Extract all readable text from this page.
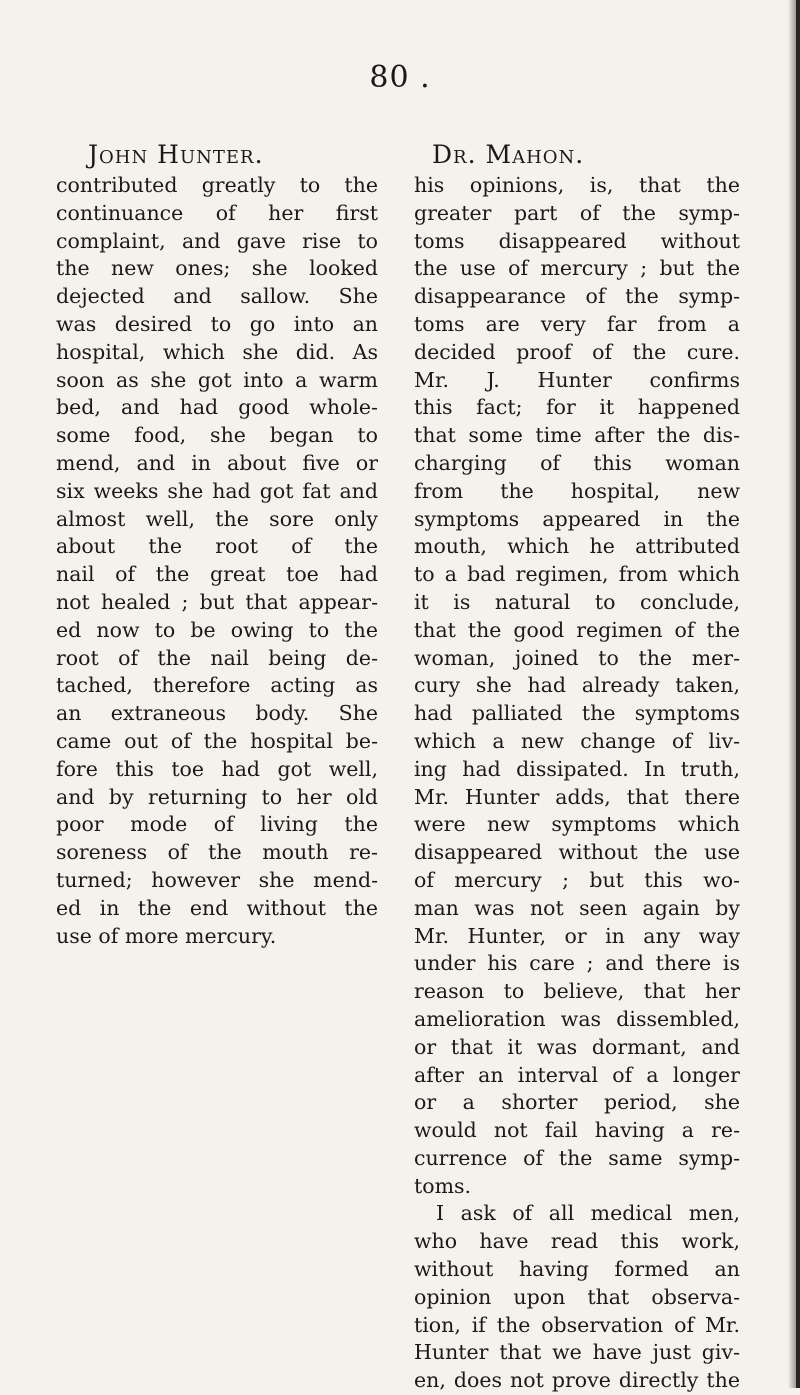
80 .
John Hunter.	Dr. Mahon.
contributed greatly to the
continuance of her first
complaint, and gave rise to
the new ones; she looked
dejected and sallow. She
was desired to go into an
hospital, which she did. As
soon as she got into a warm
bed, and had good whole-
some food, she began to
mend, and in about five or
six weeks she had got fat and
almost well, the sore only
about the root of the
nail of the great toe had
not healed ; but that appear-
ed now to be owing to the
root of the nail being de-
tached, therefore acting as
an extraneous body. She
came out of the hospital be-
fore this toe had got well,
and by returning to her old
poor mode of living the
soreness of the mouth re-
turned; however she mend-
ed in the end without the
use of more mercury.
his opinions, is, that the
greater part of the symp-
toms disappeared without
the use of mercury ; but the
disappearance of the symp-
toms are very far from a
decided proof of the cure.
Mr. J. Hunter confirms
this fact; for it happened
that some time after the dis-
charging of this woman
from the hospital, new
symptoms appeared in the
mouth, which he attributed
to a bad regimen, from which
it is natural to conclude,
that the good regimen of the
woman, joined to the mer-
cury she had already taken,
had palliated the symptoms
which a new change of liv-
ing had dissipated. In truth,
Mr. Hunter adds, that there
were new symptoms which
disappeared without the use
of mercury ; but this wo-
man was not seen again by
Mr. Hunter, or in any way
under his care ; and there is
reason to believe, that her
amelioration was dissembled,
or that it was dormant, and
after an interval of a longer
or a shorter period, she
would not fail having a re-
currence of the same symp-
toms.
I ask of all medical men,
who have read this work,
without having formed an
opinion upon that observa-
tion, if the observation of Mr.
Hunter that we have just giv-
en, does not prove directly the
